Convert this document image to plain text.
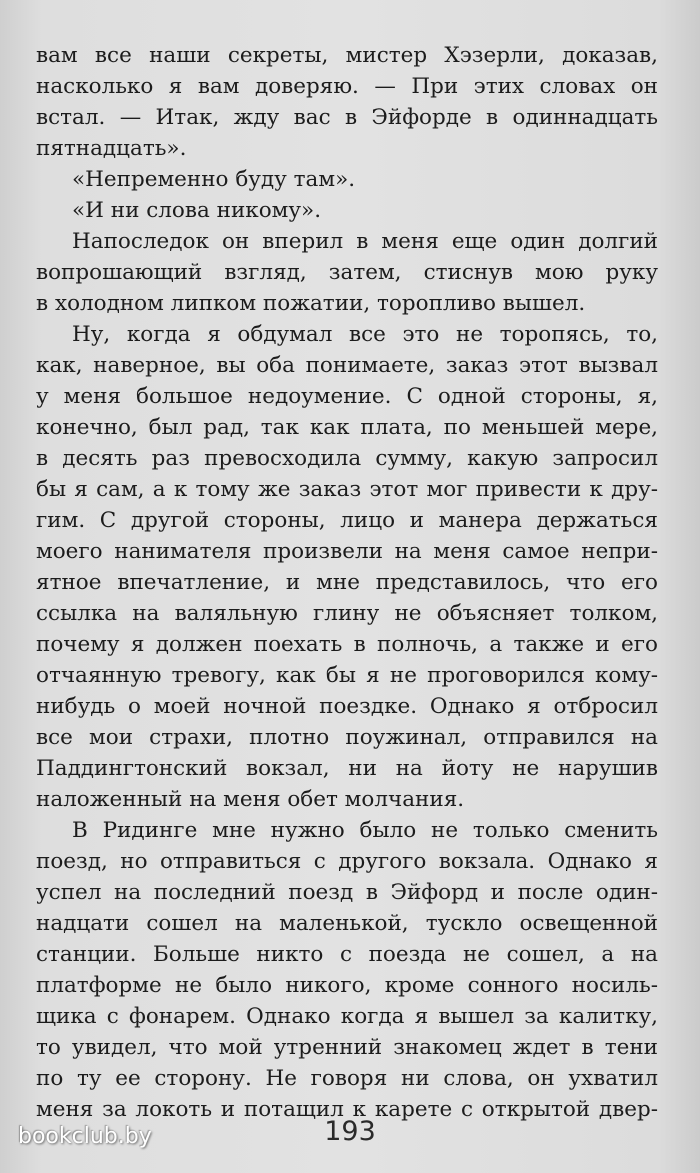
вам все наши секреты, мистер Хэзерли, доказав,
насколько я вам доверяю. — При этих словах он
встал. — Итак, жду вас в Эйфорде в одиннадцать
пятнадцать».
«Непременно буду там».
«И ни слова никому».
Напоследок он вперил в меня еще один долгий
вопрошающий взгляд, затем, стиснув мою руку
в холодном липком пожатии, торопливо вышел.
Ну, когда я обдумал все это не торопясь, то,
как, наверное, вы оба понимаете, заказ этот вызвал
у меня большое недоумение. С одной стороны, я,
конечно, был рад, так как плата, по меньшей мере,
в десять раз превосходила сумму, какую запросил
бы я сам, а к тому же заказ этот мог привести к дру-
гим. С другой стороны, лицо и манера держаться
моего нанимателя произвели на меня самое непри-
ятное впечатление, и мне представилось, что его
ссылка на валяльную глину не объясняет толком,
почему я должен поехать в полночь, а также и его
отчаянную тревогу, как бы я не проговорился кому-
нибудь о моей ночной поездке. Однако я отбросил
все мои страхи, плотно поужинал, отправился на
Паддингтонский вокзал, ни на йоту не нарушив
наложенный на меня обет молчания.
В Ридинге мне нужно было не только сменить
поезд, но отправиться с другого вокзала. Однако я
успел на последний поезд в Эйфорд и после один-
надцати сошел на маленькой, тускло освещенной
станции. Больше никто с поезда не сошел, а на
платформе не было никого, кроме сонного носиль-
щика с фонарем. Однако когда я вышел за калитку,
то увидел, что мой утренний знакомец ждет в тени
по ту ее сторону. Не говоря ни слова, он ухватил
меня за локоть и потащил к карете с открытой двер-
193
bookclub.by
